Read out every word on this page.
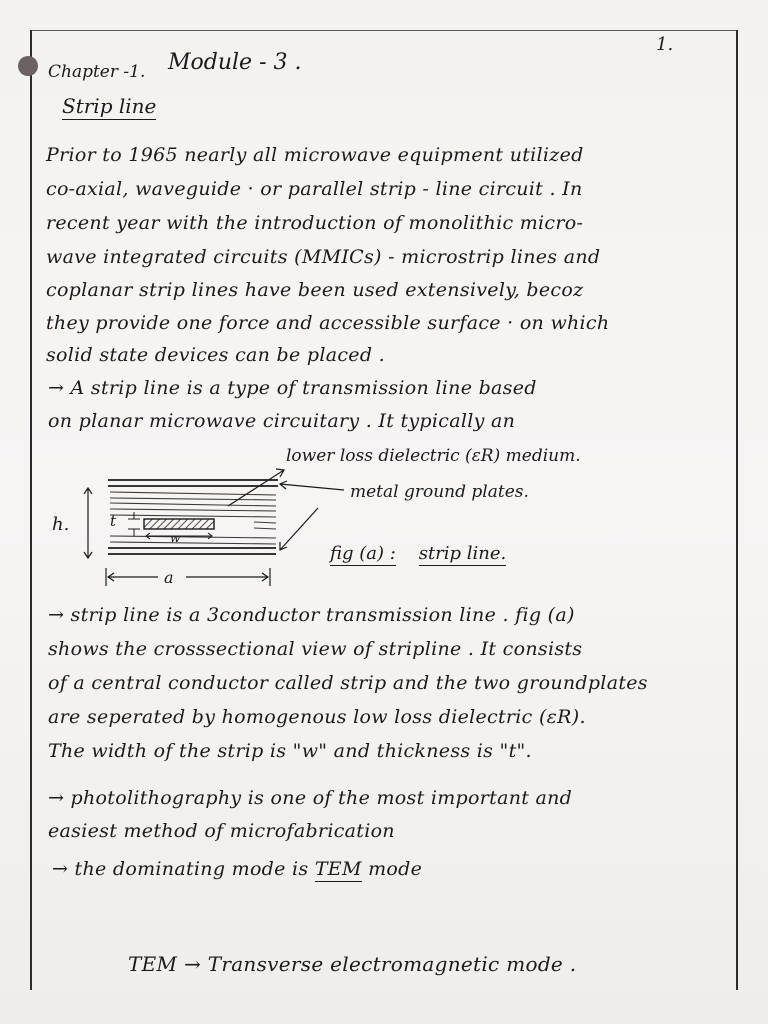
1.
Chapter -1. Module - 3 .
Strip line
Prior to 1965 nearly all microwave equipment utilized
co-axial, waveguide · or parallel strip - line circuit . In
recent year with the introduction of monolithic micro-
wave integrated circuits (MMICs) - microstrip lines and
coplanar strip lines have been used extensively, becoz
they provide one force and accessible surface · on which
solid state devices can be placed .
→ A strip line is a type of transmission line based
on planar microwave circuitary . It typically an
lower loss dielectric (εR) medium.
metal ground plates.
h.
a
t
w
fig (a) : strip line.
→ strip line is a 3conductor transmission line . fig (a)
shows the crosssectional view of stripline . It consists
of a central conductor called strip and the two groundplates
are seperated by homogenous low loss dielectric (εR).
The width of the strip is "w" and thickness is "t".
→ photolithography is one of the most important and
easiest method of microfabrication
→ the dominating mode is TEM mode
TEM → Transverse electromagnetic mode .
